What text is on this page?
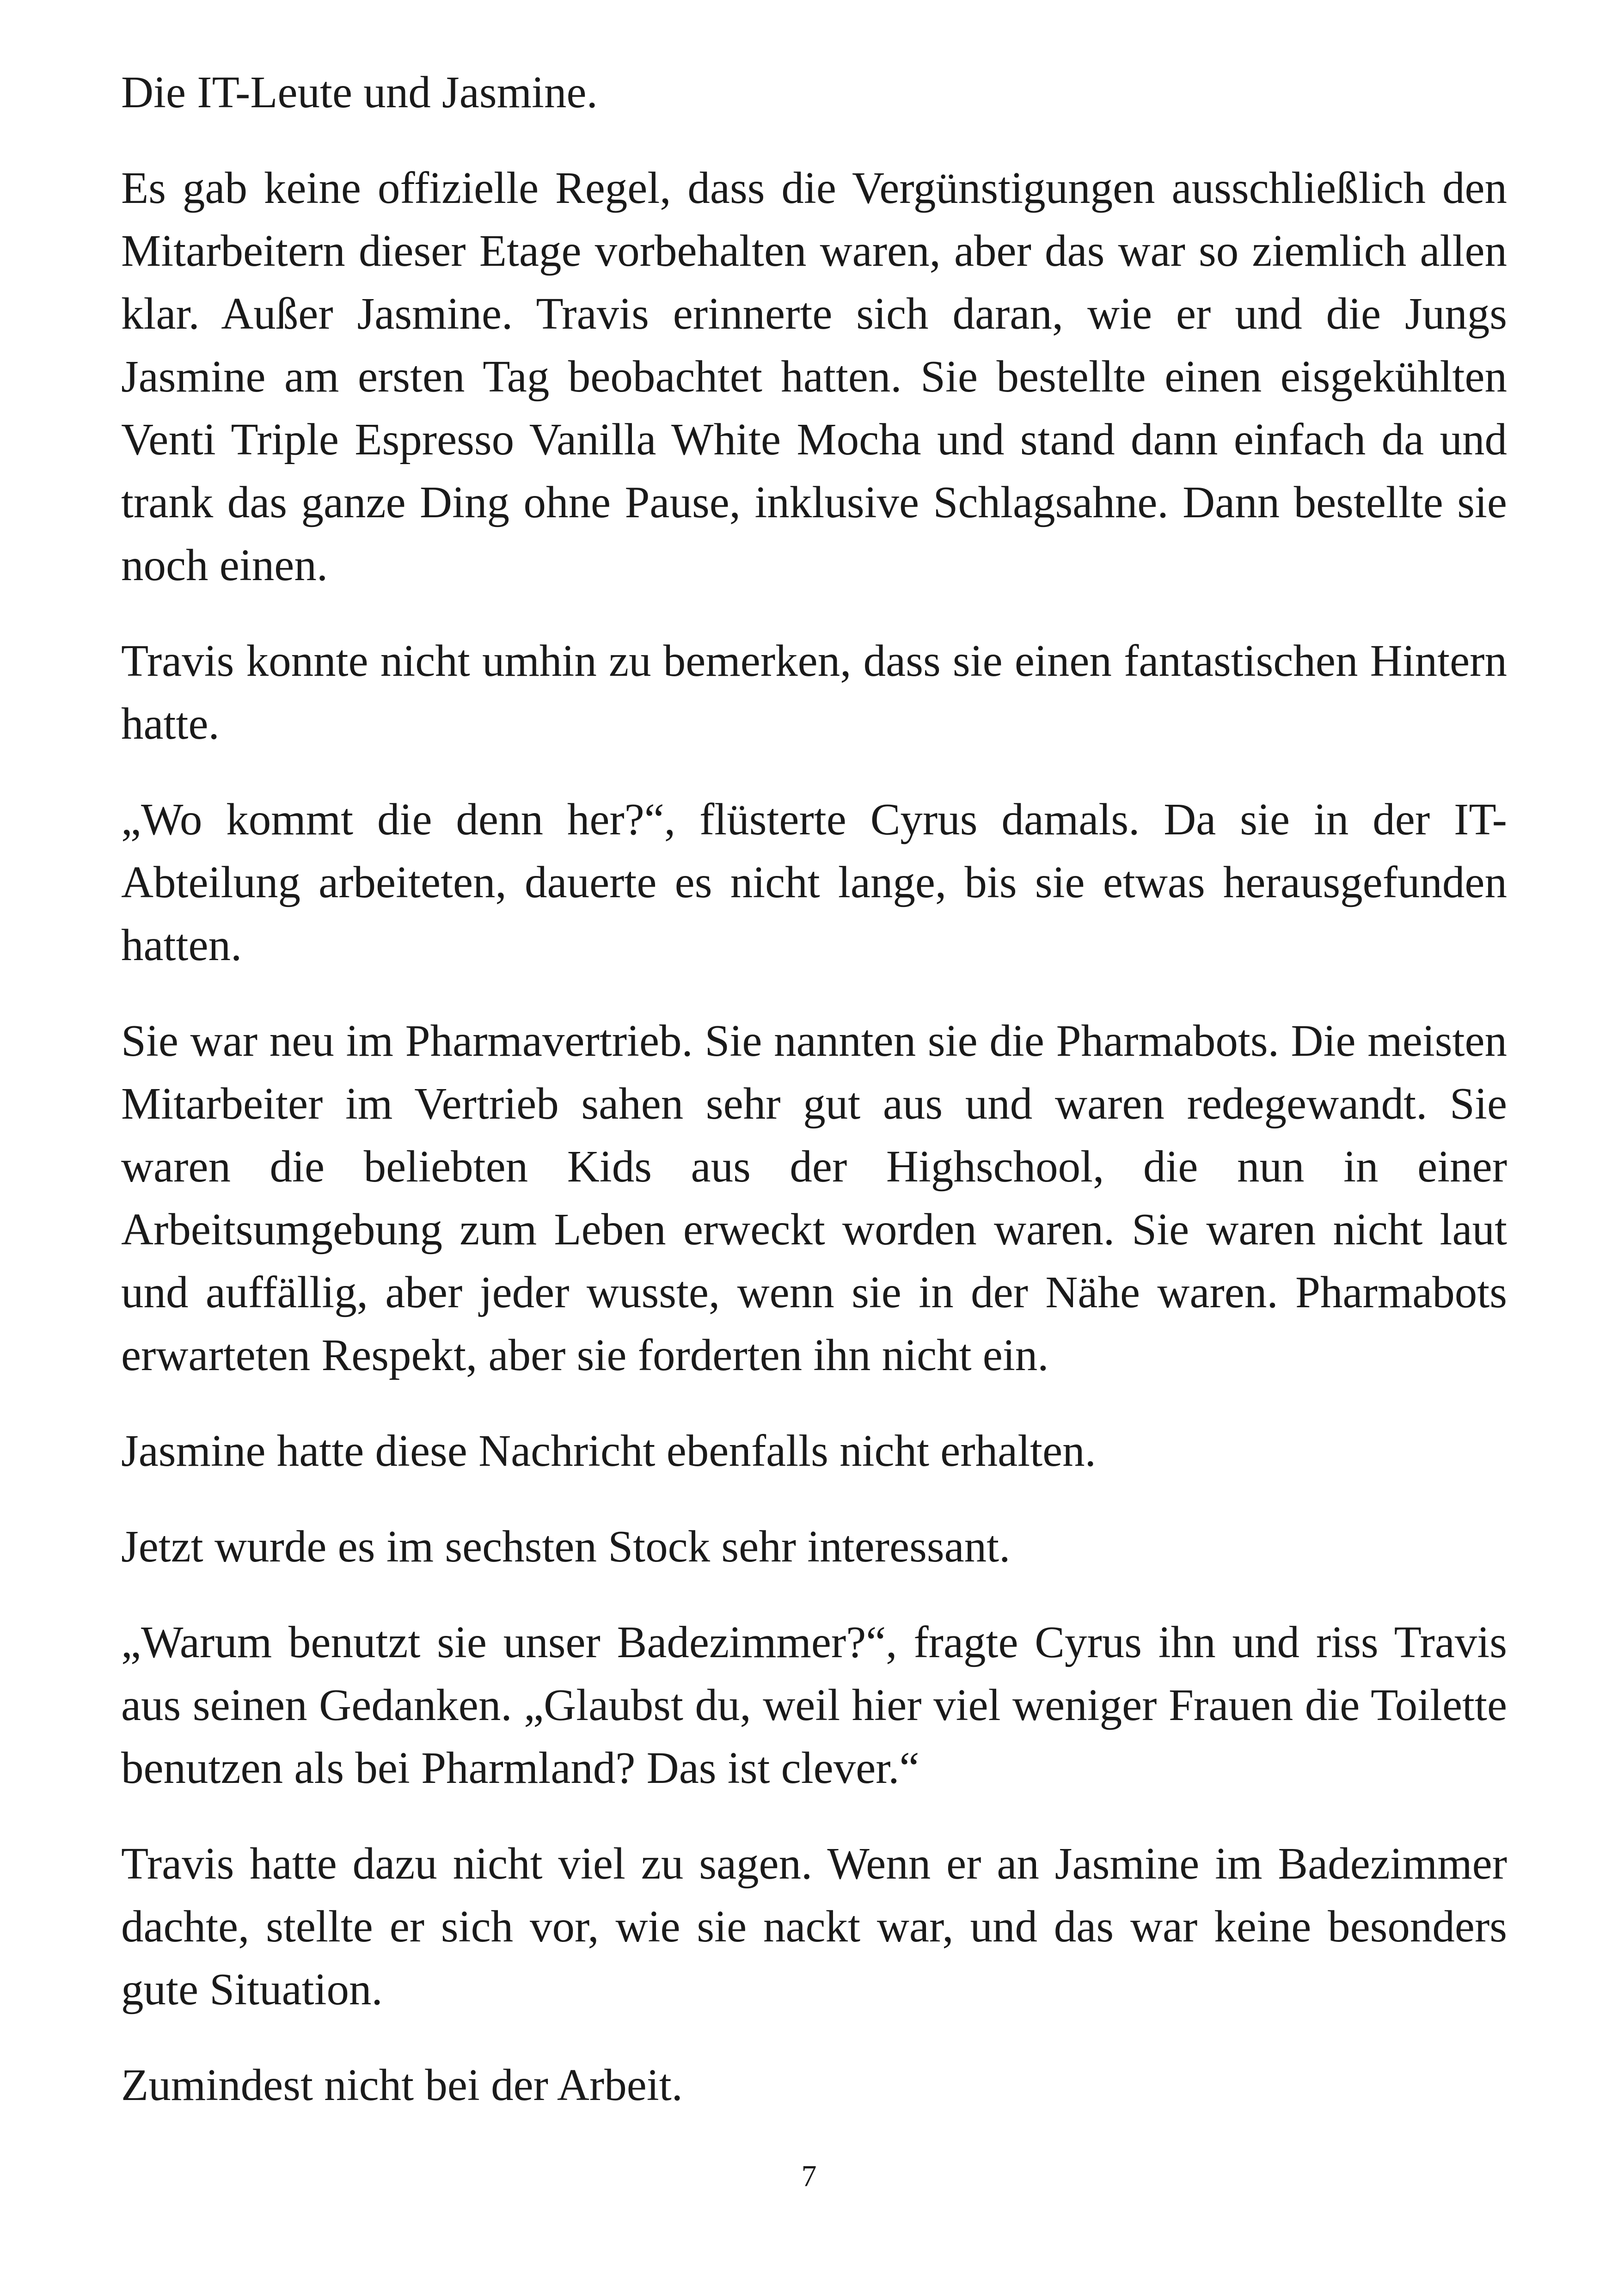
Die IT-Leute und Jasmine.

Es gab keine offizielle Regel, dass die Vergünstigungen ausschließlich den Mitarbeitern dieser Etage vorbehalten waren, aber das war so ziemlich allen klar. Außer Jasmine. Travis erinnerte sich daran, wie er und die Jungs Jasmine am ersten Tag beobachtet hatten. Sie bestellte einen eisgekühlten Venti Triple Espresso Vanilla White Mocha und stand dann einfach da und trank das ganze Ding ohne Pause, inklusive Schlagsahne. Dann bestellte sie noch einen.

Travis konnte nicht umhin zu bemerken, dass sie einen fantastischen Hintern hatte.

„Wo kommt die denn her?“, flüsterte Cyrus damals. Da sie in der IT-Abteilung arbeiteten, dauerte es nicht lange, bis sie etwas herausgefunden hatten.

Sie war neu im Pharmavertrieb. Sie nannten sie die Pharmabots. Die meisten Mitarbeiter im Vertrieb sahen sehr gut aus und waren redegewandt. Sie waren die beliebten Kids aus der Highschool, die nun in einer Arbeitsumgebung zum Leben erweckt worden waren. Sie waren nicht laut und auffällig, aber jeder wusste, wenn sie in der Nähe waren. Pharmabots erwarteten Respekt, aber sie forderten ihn nicht ein.

Jasmine hatte diese Nachricht ebenfalls nicht erhalten.

Jetzt wurde es im sechsten Stock sehr interessant.

„Warum benutzt sie unser Badezimmer?“, fragte Cyrus ihn und riss Travis aus seinen Gedanken. „Glaubst du, weil hier viel weniger Frauen die Toilette benutzen als bei Pharmland? Das ist clever.“

Travis hatte dazu nicht viel zu sagen. Wenn er an Jasmine im Badezimmer dachte, stellte er sich vor, wie sie nackt war, und das war keine besonders gute Situation.

Zumindest nicht bei der Arbeit.

7
